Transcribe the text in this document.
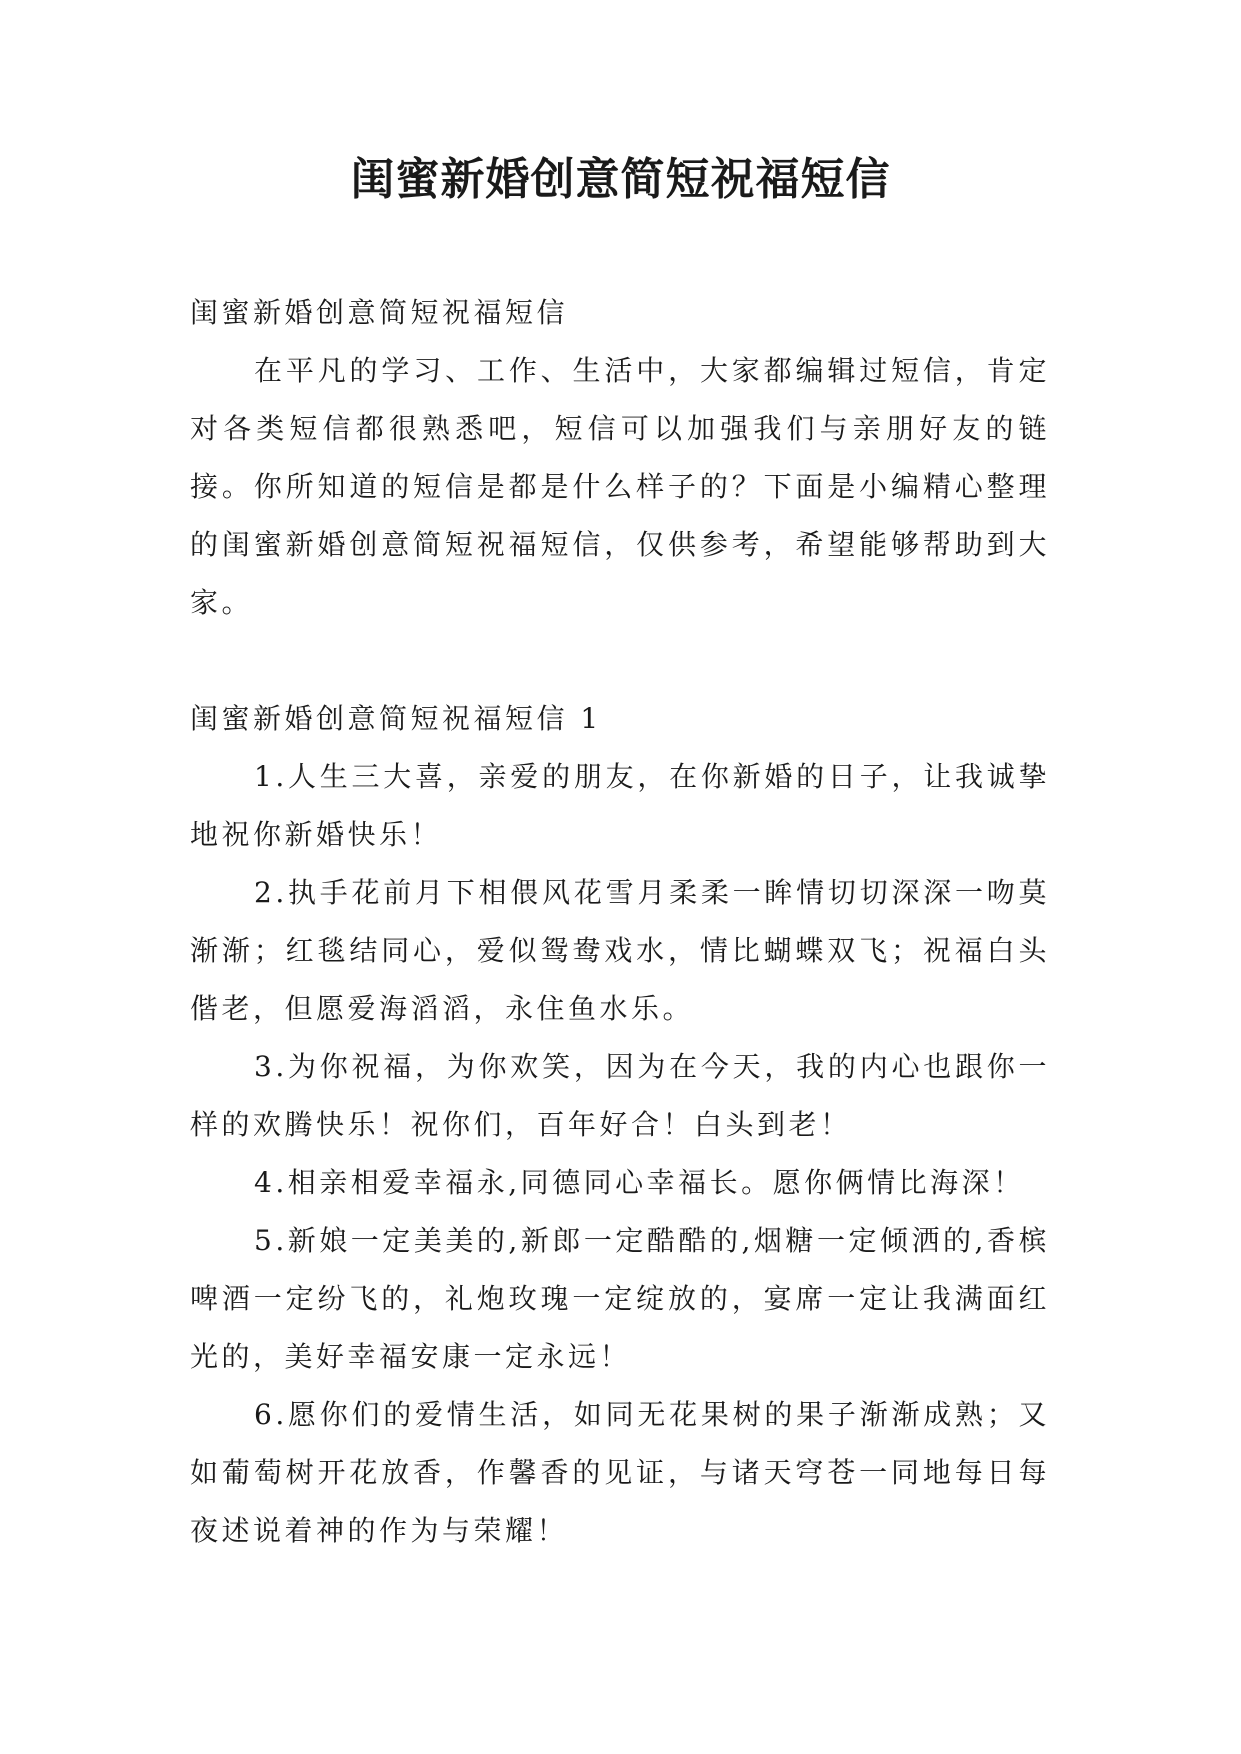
闺蜜新婚创意简短祝福短信

闺蜜新婚创意简短祝福短信

在平凡的学习、工作、生活中，大家都编辑过短信，肯定对各类短信都很熟悉吧，短信可以加强我们与亲朋好友的链接。你所知道的短信是都是什么样子的？下面是小编精心整理的闺蜜新婚创意简短祝福短信，仅供参考，希望能够帮助到大家。

闺蜜新婚创意简短祝福短信 1

1.人生三大喜，亲爱的朋友，在你新婚的日子，让我诚挚地祝你新婚快乐！

2.执手花前月下相偎风花雪月柔柔一眸情切切深深一吻莫渐渐；红毯结同心，爱似鸳鸯戏水，情比蝴蝶双飞；祝福白头偕老，但愿爱海滔滔，永住鱼水乐。

3.为你祝福，为你欢笑，因为在今天，我的内心也跟你一样的欢腾快乐！祝你们，百年好合！白头到老！

4.相亲相爱幸福永,同德同心幸福长。愿你俩情比海深！

5.新娘一定美美的,新郎一定酷酷的,烟糖一定倾洒的,香槟啤酒一定纷飞的，礼炮玫瑰一定绽放的，宴席一定让我满面红光的，美好幸福安康一定永远！

6.愿你们的爱情生活，如同无花果树的果子渐渐成熟；又如葡萄树开花放香，作馨香的见证，与诸天穹苍一同地每日每夜述说着神的作为与荣耀！
